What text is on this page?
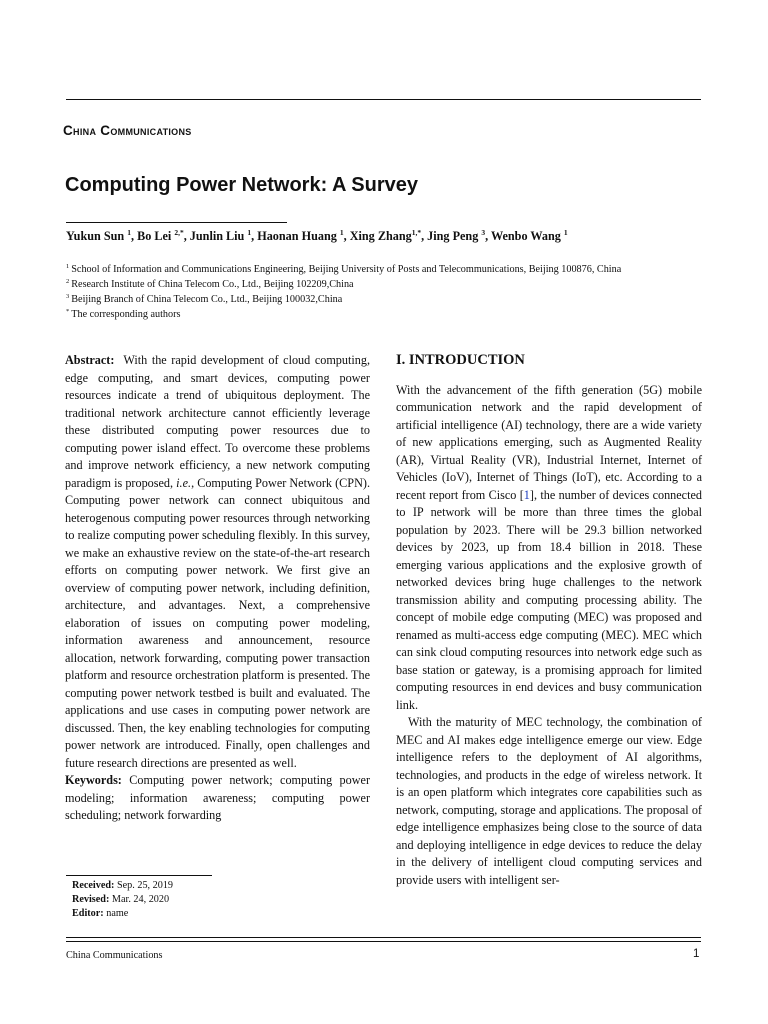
China Communications
Computing Power Network: A Survey
Yukun Sun $^1$, Bo Lei $^{2,*}$, Junlin Liu $^1$, Haonan Huang $^1$, Xing Zhang$^{1,*}$, Jing Peng $^3$, Wenbo Wang $^1$
$^1$ School of Information and Communications Engineering, Beijing University of Posts and Telecommunications, Beijing 100876, China
$^2$ Research Institute of China Telecom Co., Ltd., Beijing 102209,China
$^3$ Beijing Branch of China Telecom Co., Ltd., Beijing 100032,China
* The corresponding authors

Abstract: With the rapid development of cloud computing, edge computing, and smart devices, computing power resources indicate a trend of ubiquitous deployment. The traditional network architecture cannot efficiently leverage these distributed computing power resources due to computing power island effect. To overcome these problems and improve network efficiency, a new network computing paradigm is proposed, i.e., Computing Power Network (CPN). Computing power network can connect ubiquitous and heterogenous computing power resources through networking to realize computing power scheduling flexibly. In this survey, we make an exhaustive review on the state-of-the-art research efforts on computing power network. We first give an overview of computing power network, including definition, architecture, and advantages. Next, a comprehensive elaboration of issues on computing power modeling, information awareness and announcement, resource allocation, network forwarding, computing power transaction platform and resource orchestration platform is presented. The computing power network testbed is built and evaluated. The applications and use cases in computing power network are discussed. Then, the key enabling technologies for computing power network are introduced. Finally, open challenges and future research directions are presented as well.

Keywords: Computing power network; computing power modeling; information awareness; computing power scheduling; network forwarding

Received: Sep. 25, 2019
Revised: Mar. 24, 2020
Editor: name
I. INTRODUCTION

With the advancement of the fifth generation (5G) mobile communication network and the rapid development of artificial intelligence (AI) technology, there are a wide variety of new applications emerging, such as Augmented Reality (AR), Virtual Reality (VR), Industrial Internet, Internet of Vehicles (IoV), Internet of Things (IoT), etc. According to a recent report from Cisco [1], the number of devices connected to IP network will be more than three times the global population by 2023. There will be 29.3 billion networked devices by 2023, up from 18.4 billion in 2018. These emerging various applications and the explosive growth of networked devices bring huge challenges to the network transmission ability and computing processing ability. The concept of mobile edge computing (MEC) was proposed and renamed as multi-access edge computing (MEC). MEC which can sink cloud computing resources into network edge such as base station or gateway, is a promising approach for limited computing resources in end devices and busy communication link.

With the maturity of MEC technology, the combination of MEC and AI makes edge intelligence emerge our view. Edge intelligence refers to the deployment of AI algorithms, technologies, and products in the edge of wireless network. It is an open platform which integrates core capabilities such as network, computing, storage and applications. The proposal of edge intelligence emphasizes being close to the source of data and deploying intelligence in edge devices to reduce the delay in the delivery of intelligent cloud computing services and provide users with intelligent ser-

China Communications	1
